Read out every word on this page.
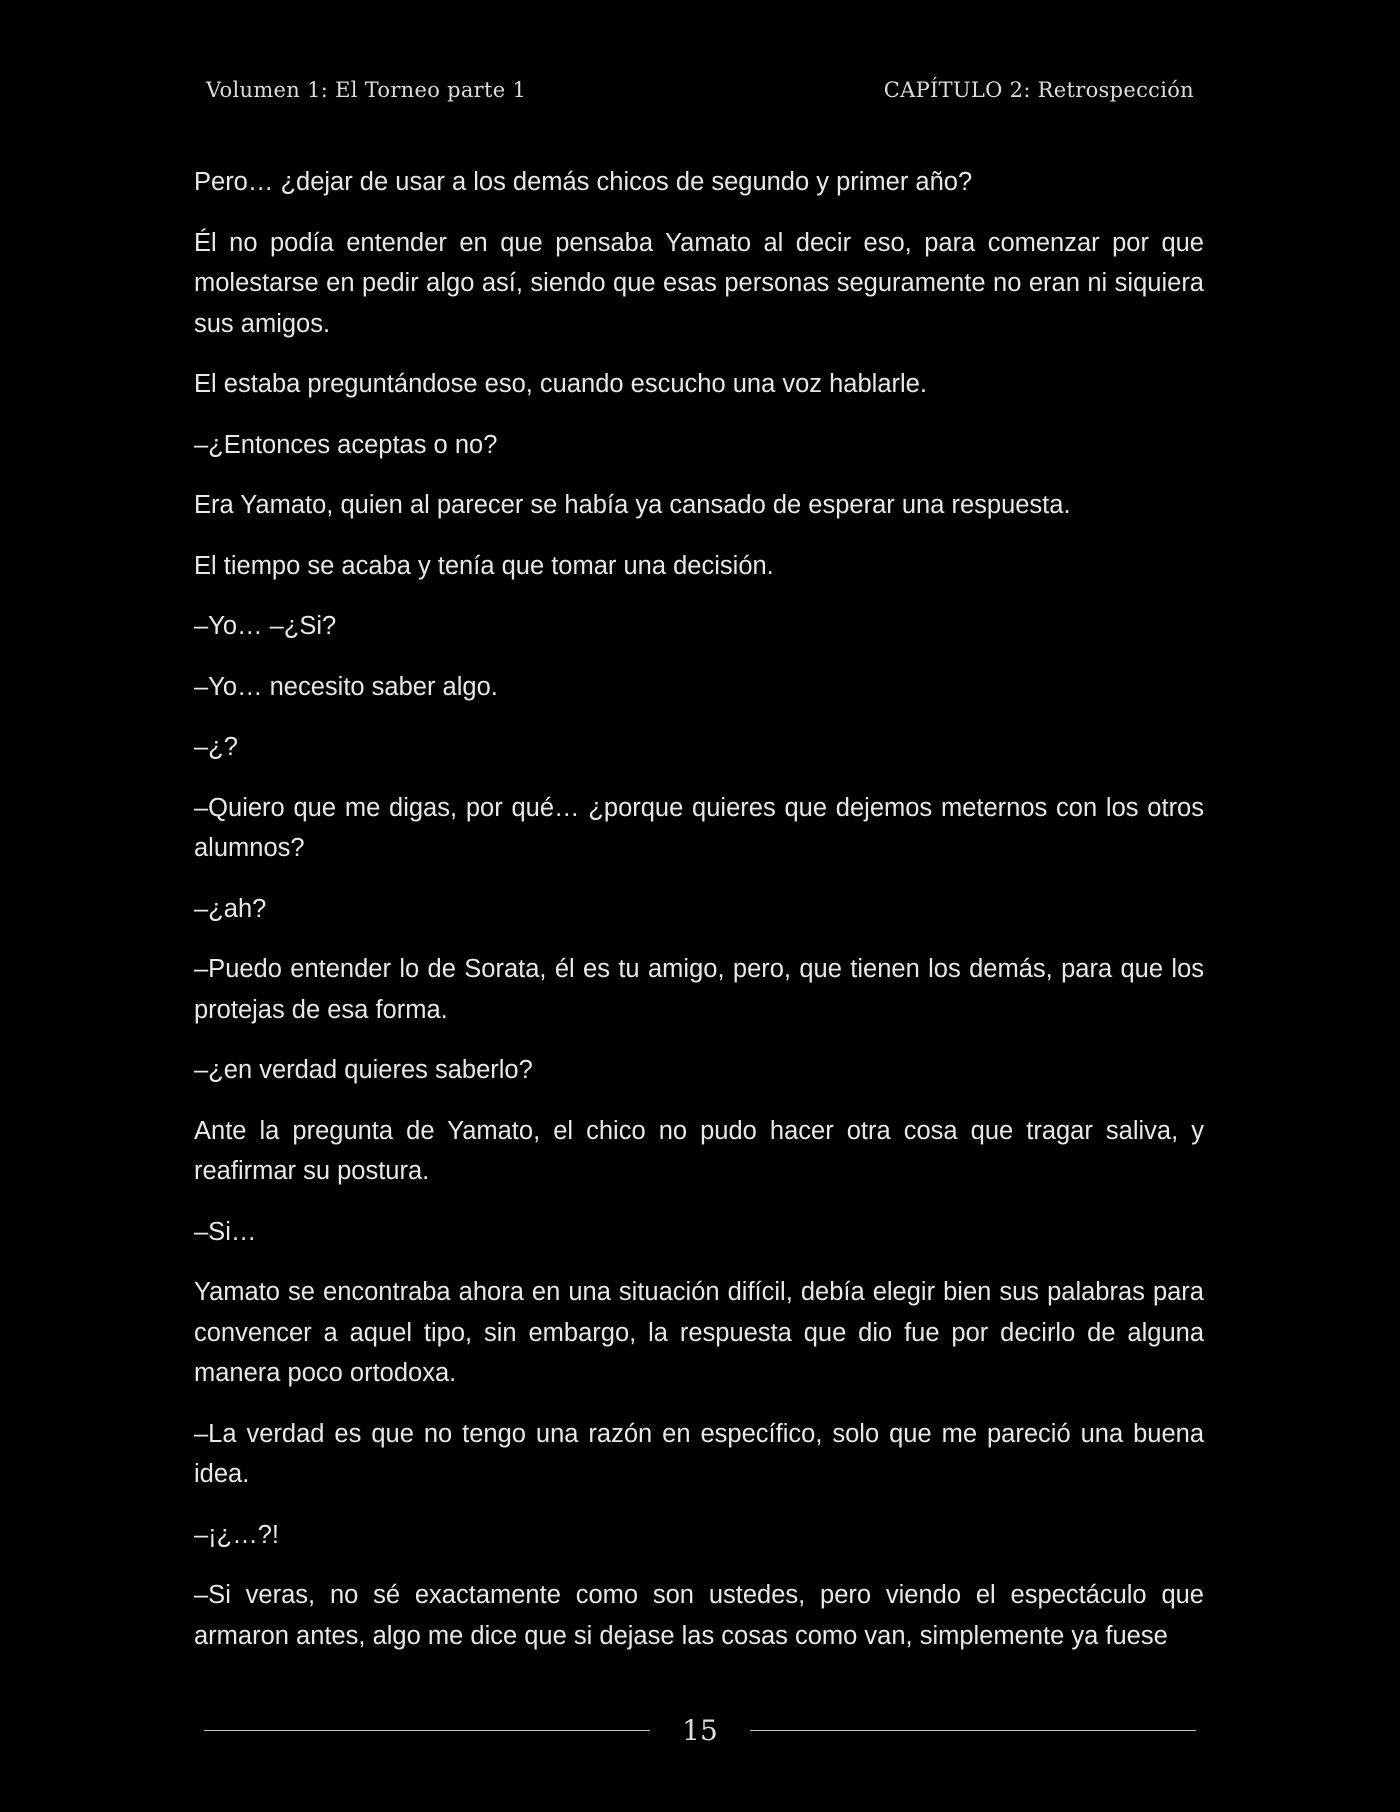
Volumen 1: El Torneo parte 1	CAPÍTULO 2: Retrospección

Pero… ¿dejar de usar a los demás chicos de segundo y primer año?

Él no podía entender en que pensaba Yamato al decir eso, para comenzar por que molestarse en pedir algo así, siendo que esas personas seguramente no eran ni siquiera sus amigos.

El estaba preguntándose eso, cuando escucho una voz hablarle.

–¿Entonces aceptas o no?

Era Yamato, quien al parecer se había ya cansado de esperar una respuesta.

El tiempo se acaba y tenía que tomar una decisión.

–Yo… –¿Si?

–Yo… necesito saber algo.

–¿?

–Quiero que me digas, por qué… ¿porque quieres que dejemos meternos con los otros alumnos?

–¿ah?

–Puedo entender lo de Sorata, él es tu amigo, pero, que tienen los demás, para que los protejas de esa forma.

–¿en verdad quieres saberlo?

Ante la pregunta de Yamato, el chico no pudo hacer otra cosa que tragar saliva, y reafirmar su postura.

–Si…

Yamato se encontraba ahora en una situación difícil, debía elegir bien sus palabras para convencer a aquel tipo, sin embargo, la respuesta que dio fue por decirlo de alguna manera poco ortodoxa.

–La verdad es que no tengo una razón en específico, solo que me pareció una buena idea.

–¡¿…?!

–Si veras, no sé exactamente como son ustedes, pero viendo el espectáculo que armaron antes, algo me dice que si dejase las cosas como van, simplemente ya fuese

15
